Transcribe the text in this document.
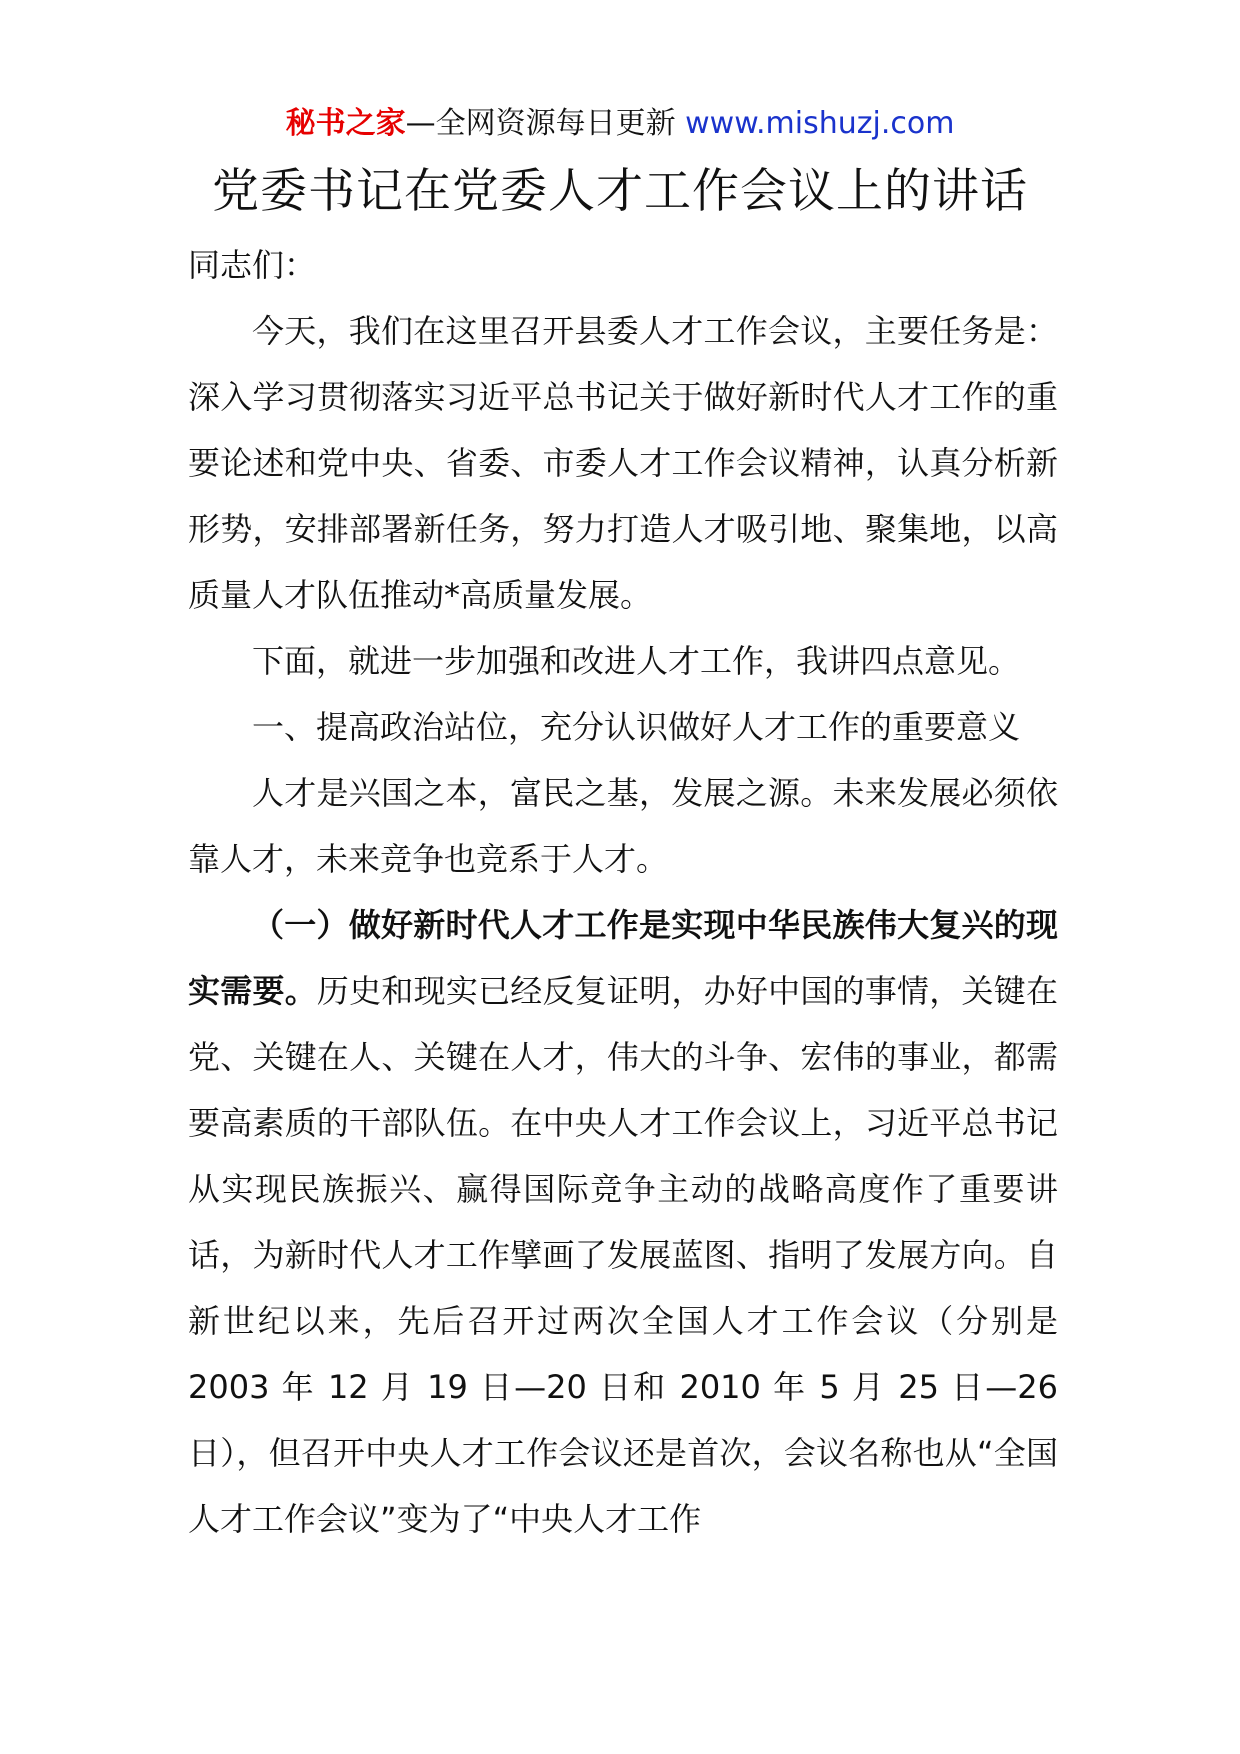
秘书之家—全网资源每日更新 www.mishuzj.com
党委书记在党委人才工作会议上的讲话

同志们：

今天，我们在这里召开县委人才工作会议，主要任务是：深入学习贯彻落实习近平总书记关于做好新时代人才工作的重要论述和党中央、省委、市委人才工作会议精神，认真分析新形势，安排部署新任务，努力打造人才吸引地、聚集地，以高质量人才队伍推动*高质量发展。

下面，就进一步加强和改进人才工作，我讲四点意见。

一、提高政治站位，充分认识做好人才工作的重要意义

人才是兴国之本，富民之基，发展之源。未来发展必须依靠人才，未来竞争也竞系于人才。

（一）做好新时代人才工作是实现中华民族伟大复兴的现实需要。历史和现实已经反复证明，办好中国的事情，关键在党、关键在人、关键在人才，伟大的斗争、宏伟的事业，都需要高素质的干部队伍。在中央人才工作会议上，习近平总书记从实现民族振兴、赢得国际竞争主动的战略高度作了重要讲话，为新时代人才工作擘画了发展蓝图、指明了发展方向。自新世纪以来，先后召开过两次全国人才工作会议（分别是 2003 年 12 月 19 日—20 日和 2010 年 5 月 25 日—26 日），但召开中央人才工作会议还是首次，会议名称也从“全国人才工作会议”变为了“中央人才工作
